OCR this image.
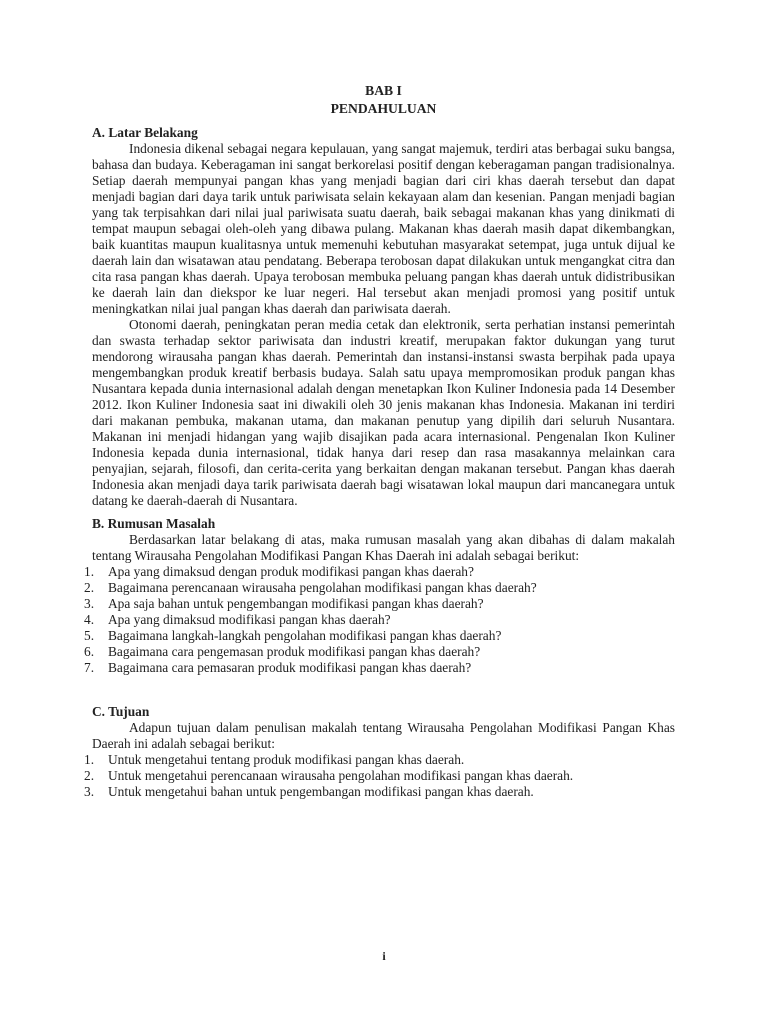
BAB I
PENDAHULUAN

A. Latar Belakang

Indonesia dikenal sebagai negara kepulauan, yang sangat majemuk, terdiri atas berbagai suku bangsa, bahasa dan budaya. Keberagaman ini sangat berkorelasi positif dengan keberagaman pangan tradisionalnya. Setiap daerah mempunyai pangan khas yang menjadi bagian dari ciri khas daerah tersebut dan dapat menjadi bagian dari daya tarik untuk pariwisata selain kekayaan alam dan kesenian. Pangan menjadi bagian yang tak terpisahkan dari nilai jual pariwisata suatu daerah, baik sebagai makanan khas yang dinikmati di tempat maupun sebagai oleh-oleh yang dibawa pulang. Makanan khas daerah masih dapat dikembangkan, baik kuantitas maupun kualitasnya untuk memenuhi kebutuhan masyarakat setempat, juga untuk dijual ke daerah lain dan wisatawan atau pendatang. Beberapa terobosan dapat dilakukan untuk mengangkat citra dan cita rasa pangan khas daerah. Upaya terobosan membuka peluang pangan khas daerah untuk didistribusikan ke daerah lain dan diekspor ke luar negeri. Hal tersebut akan menjadi promosi yang positif untuk meningkatkan nilai jual pangan khas daerah dan pariwisata daerah.

Otonomi daerah, peningkatan peran media cetak dan elektronik, serta perhatian instansi pemerintah dan swasta terhadap sektor pariwisata dan industri kreatif, merupakan faktor dukungan yang turut mendorong wirausaha pangan khas daerah. Pemerintah dan instansi-instansi swasta berpihak pada upaya mengembangkan produk kreatif berbasis budaya. Salah satu upaya mempromosikan produk pangan khas Nusantara kepada dunia internasional adalah dengan menetapkan Ikon Kuliner Indonesia pada 14 Desember 2012. Ikon Kuliner Indonesia saat ini diwakili oleh 30 jenis makanan khas Indonesia. Makanan ini terdiri dari makanan pembuka, makanan utama, dan makanan penutup yang dipilih dari seluruh Nusantara. Makanan ini menjadi hidangan yang wajib disajikan pada acara internasional. Pengenalan Ikon Kuliner Indonesia kepada dunia internasional, tidak hanya dari resep dan rasa masakannya melainkan cara penyajian, sejarah, filosofi, dan cerita-cerita yang berkaitan dengan makanan tersebut. Pangan khas daerah Indonesia akan menjadi daya tarik pariwisata daerah bagi wisatawan lokal maupun dari mancanegara untuk datang ke daerah-daerah di Nusantara.

B. Rumusan Masalah

Berdasarkan latar belakang di atas, maka rumusan masalah yang akan dibahas di dalam makalah tentang Wirausaha Pengolahan Modifikasi Pangan Khas Daerah ini adalah sebagai berikut:

1. Apa yang dimaksud dengan produk modifikasi pangan khas daerah?
2. Bagaimana perencanaan wirausaha pengolahan modifikasi pangan khas daerah?
3. Apa saja bahan untuk pengembangan modifikasi pangan khas daerah?
4. Apa yang dimaksud modifikasi pangan khas daerah?
5. Bagaimana langkah-langkah pengolahan modifikasi pangan khas daerah?
6. Bagaimana cara pengemasan produk modifikasi pangan khas daerah?
7. Bagaimana cara pemasaran produk modifikasi pangan khas daerah?

C. Tujuan

Adapun tujuan dalam penulisan makalah tentang Wirausaha Pengolahan Modifikasi Pangan Khas Daerah ini adalah sebagai berikut:

1. Untuk mengetahui tentang produk modifikasi pangan khas daerah.
2. Untuk mengetahui perencanaan wirausaha pengolahan modifikasi pangan khas daerah.
3. Untuk mengetahui bahan untuk pengembangan modifikasi pangan khas daerah.
i
